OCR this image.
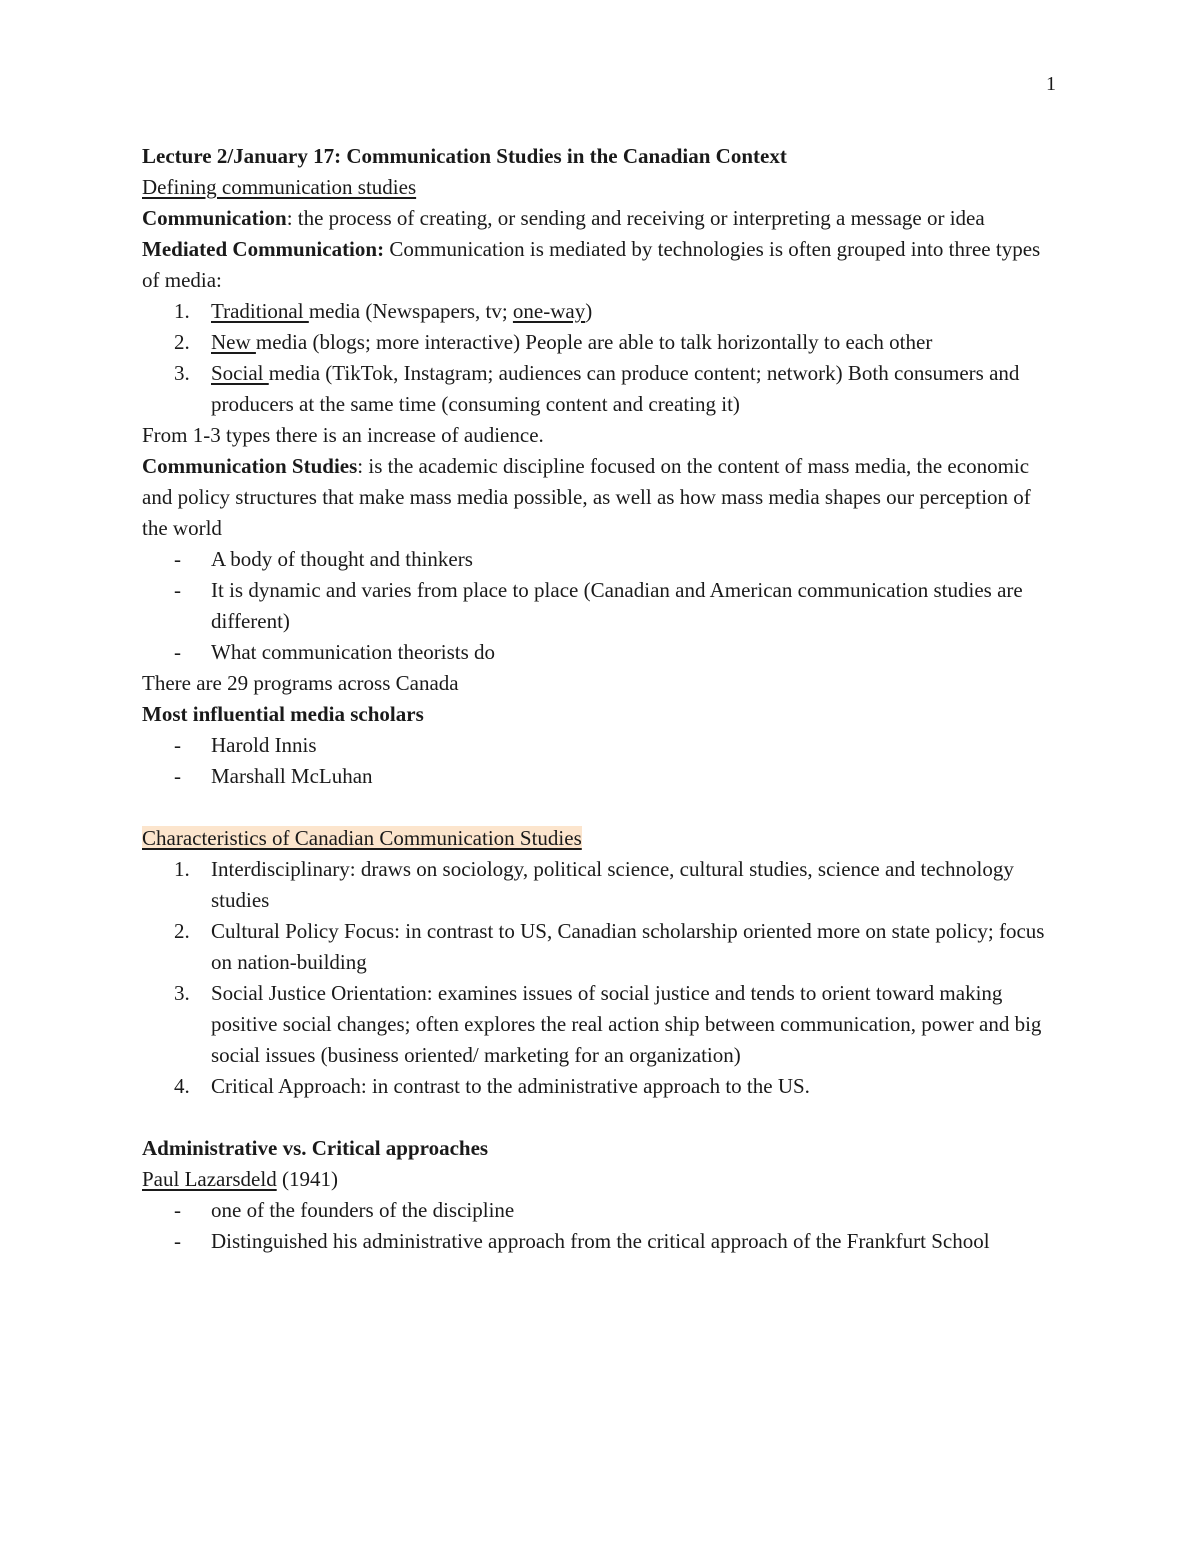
1

Lecture 2/January 17: Communication Studies in the Canadian Context

Defining communication studies

Communication: the process of creating, or sending and receiving or interpreting a message or idea

Mediated Communication: Communication is mediated by technologies is often grouped into three types of media:

1. Traditional media (Newspapers, tv; one-way)
2. New media (blogs; more interactive) People are able to talk horizontally to each other
3. Social media (TikTok, Instagram; audiences can produce content; network) Both consumers and producers at the same time (consuming content and creating it)

From 1-3 types there is an increase of audience.

Communication Studies: is the academic discipline focused on the content of mass media, the economic and policy structures that make mass media possible, as well as how mass media shapes our perception of the world

- A body of thought and thinkers
- It is dynamic and varies from place to place (Canadian and American communication studies are different)
- What communication theorists do

There are 29 programs across Canada

Most influential media scholars

- Harold Innis
- Marshall McLuhan

Characteristics of Canadian Communication Studies

1. Interdisciplinary: draws on sociology, political science, cultural studies, science and technology studies
2. Cultural Policy Focus: in contrast to US, Canadian scholarship oriented more on state policy; focus on nation-building
3. Social Justice Orientation: examines issues of social justice and tends to orient toward making positive social changes; often explores the real action ship between communication, power and big social issues (business oriented/ marketing for an organization)
4. Critical Approach: in contrast to the administrative approach to the US.

Administrative vs. Critical approaches

Paul Lazarsdeld (1941)

- one of the founders of the discipline
- Distinguished his administrative approach from the critical approach of the Frankfurt School
